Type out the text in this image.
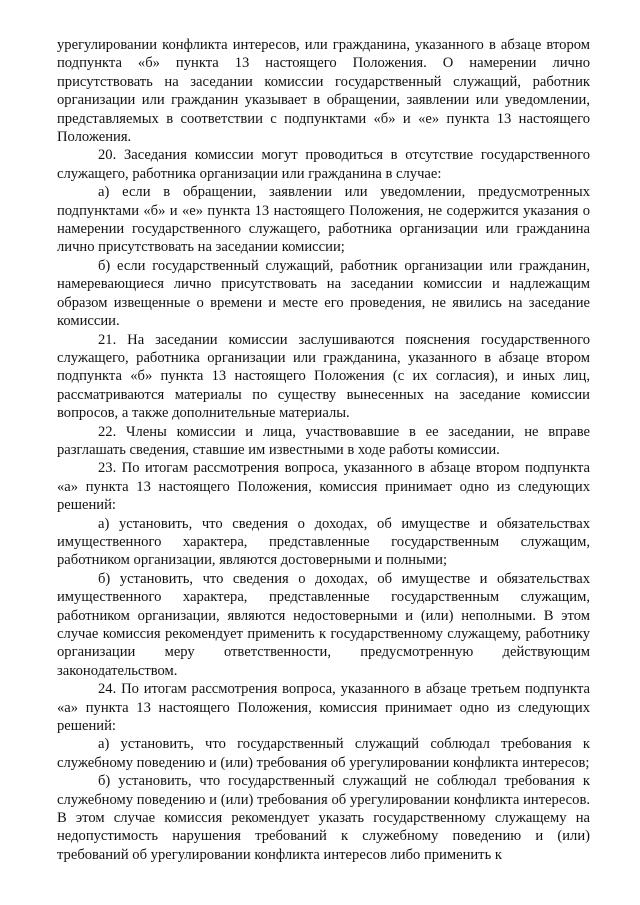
урегулировании конфликта интересов, или гражданина, указанного в абзаце втором подпункта «б» пункта 13 настоящего Положения. О намерении лично присутствовать на заседании комиссии государственный служащий, работник организации или гражданин указывает в обращении, заявлении или уведомлении, представляемых в соответствии с подпунктами «б» и «е» пункта 13 настоящего Положения.

20. Заседания комиссии могут проводиться в отсутствие государственного служащего, работника организации или гражданина в случае:

а) если в обращении, заявлении или уведомлении, предусмотренных подпунктами «б» и «е» пункта 13 настоящего Положения, не содержится указания о намерении государственного служащего, работника организации или гражданина лично присутствовать на заседании комиссии;

б) если государственный служащий, работник организации или гражданин, намеревающиеся лично присутствовать на заседании комиссии и надлежащим образом извещенные о времени и месте его проведения, не явились на заседание комиссии.

21. На заседании комиссии заслушиваются пояснения государственного служащего, работника организации или гражданина, указанного в абзаце втором подпункта «б» пункта 13 настоящего Положения (с их согласия), и иных лиц, рассматриваются материалы по существу вынесенных на заседание комиссии вопросов, а также дополнительные материалы.

22. Члены комиссии и лица, участвовавшие в ее заседании, не вправе разглашать сведения, ставшие им известными в ходе работы комиссии.

23. По итогам рассмотрения вопроса, указанного в абзаце втором подпункта «а» пункта 13 настоящего Положения, комиссия принимает одно из следующих решений:

а) установить, что сведения о доходах, об имуществе и обязательствах имущественного характера, представленные государственным служащим, работником организации, являются достоверными и полными;

б) установить, что сведения о доходах, об имуществе и обязательствах имущественного характера, представленные государственным служащим, работником организации, являются недостоверными и (или) неполными. В этом случае комиссия рекомендует применить к государственному служащему, работнику организации меру ответственности, предусмотренную действующим законодательством.

24. По итогам рассмотрения вопроса, указанного в абзаце третьем подпункта «а» пункта 13 настоящего Положения, комиссия принимает одно из следующих решений:

а) установить, что государственный служащий соблюдал требования к служебному поведению и (или) требования об урегулировании конфликта интересов;

б) установить, что государственный служащий не соблюдал требования к служебному поведению и (или) требования об урегулировании конфликта интересов. В этом случае комиссия рекомендует указать государственному служащему на недопустимость нарушения требований к служебному поведению и (или) требований об урегулировании конфликта интересов либо применить к
